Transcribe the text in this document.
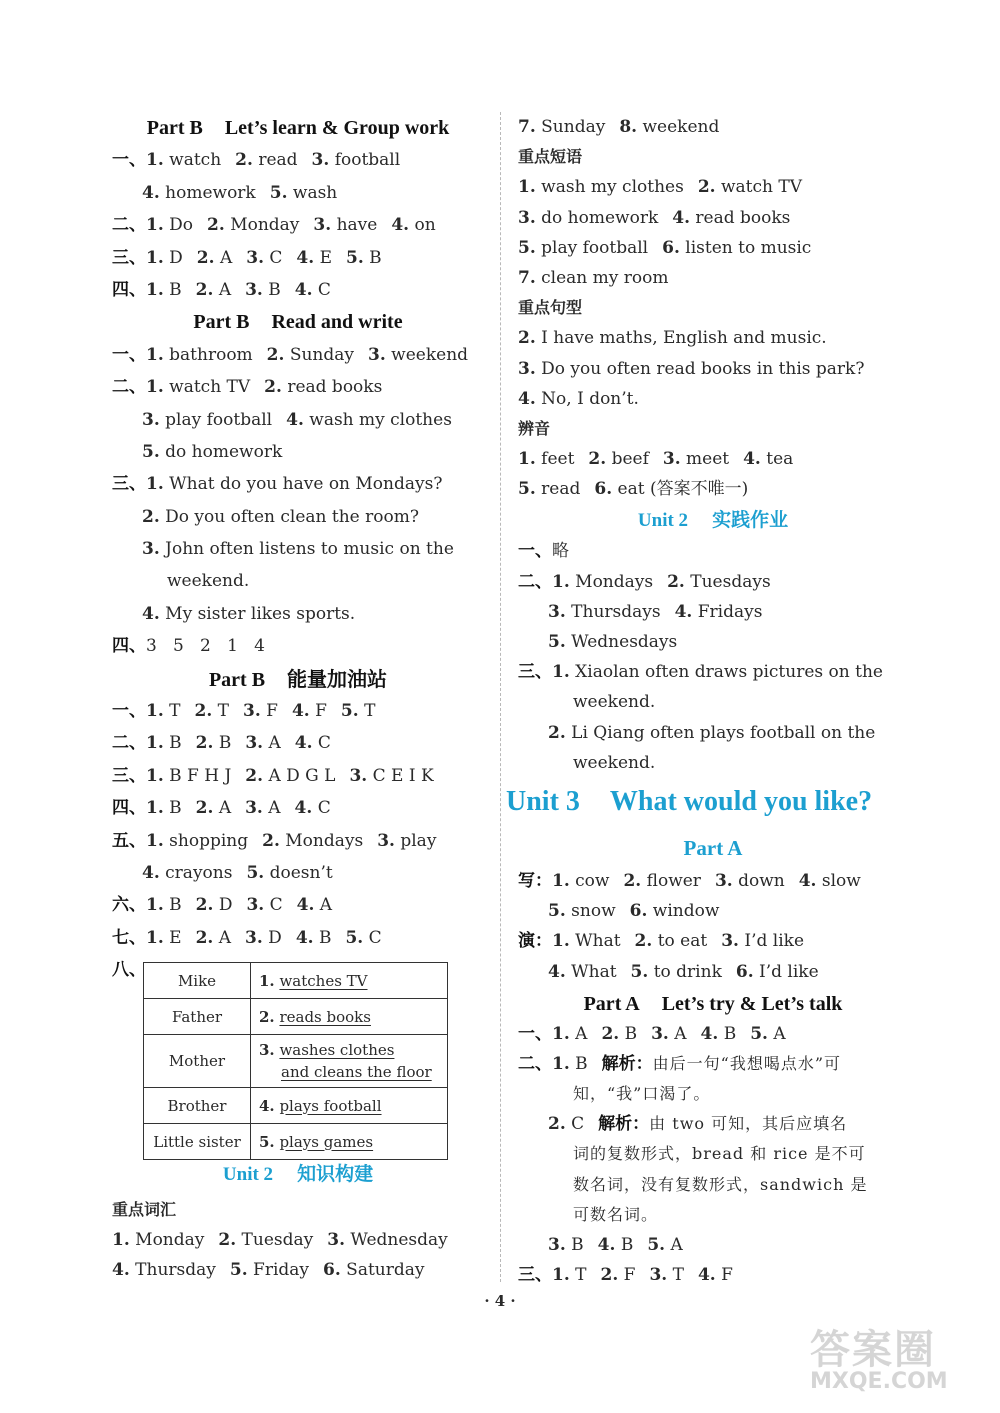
Part B Let’s learn & Group work
一、1. watch 2. read 3. football
4. homework 5. wash
二、1. Do 2. Monday 3. have 4. on
三、1. D 2. A 3. C 4. E 5. B
四、1. B 2. A 3. B 4. C
Part B Read and write
一、1. bathroom 2. Sunday 3. weekend
二、1. watch TV 2. read books
3. play football 4. wash my clothes
5. do homework
三、1. What do you have on Mondays?
2. Do you often clean the room?
3. John often listens to music on the
weekend.
4. My sister likes sports.
四、3   5   2   1   4
Part B 能量加油站
一、1. T 2. T 3. F 4. F 5. T
二、1. B 2. B 3. A 4. C
三、1. B F H J 2. A D G L 3. C E I K
四、1. B 2. A 3. A 4. C
五、1. shopping 2. Mondays 3. play
4. crayons 5. doesn’t
六、1. B 2. D 3. C 4. A
七、1. E 2. A 3. D 4. B 5. C
八、
Unit 2 知识构建
重点词汇
1. Monday 2. Tuesday 3. Wednesday
4. Thursday 5. Friday 6. Saturday
Mike	1. watches TV
Father	2. reads books
Mother	3. washes clothes
and cleans the floor
Brother	4. plays football
Little sister	5. plays games
7. Sunday 8. weekend
重点短语
1. wash my clothes 2. watch TV
3. do homework 4. read books
5. play football 6. listen to music
7. clean my room
重点句型
2. I have maths, English and music.
3. Do you often read books in this park?
4. No, I don’t.
辨音
1. feet 2. beef 3. meet 4. tea
5. read 6. eat (答案不唯一)
Unit 2 实践作业
一、略
二、1. Mondays 2. Tuesdays
3. Thursdays 4. Fridays
5. Wednesdays
三、1. Xiaolan often draws pictures on the
weekend.
2. Li Qiang often plays football on the
weekend.
Unit 3 What would you like?
Part A
写：1. cow 2. flower 3. down 4. slow
5. snow 6. window
演：1. What 2. to eat 3. I’d like
4. What 5. to drink 6. I’d like
Part A Let’s try & Let’s talk
一、1. A 2. B 3. A 4. B 5. A
二、1. B 解析：由后一句“我想喝点水”可
知，“我”口渴了。
2. C 解析：由 two 可知，其后应填名
词的复数形式，bread 和 rice 是不可
数名词，没有复数形式，sandwich 是
可数名词。
3. B 4. B 5. A
三、1. T 2. F 3. T 4. F
· 4 ·
答案圈
MXQE.COM
